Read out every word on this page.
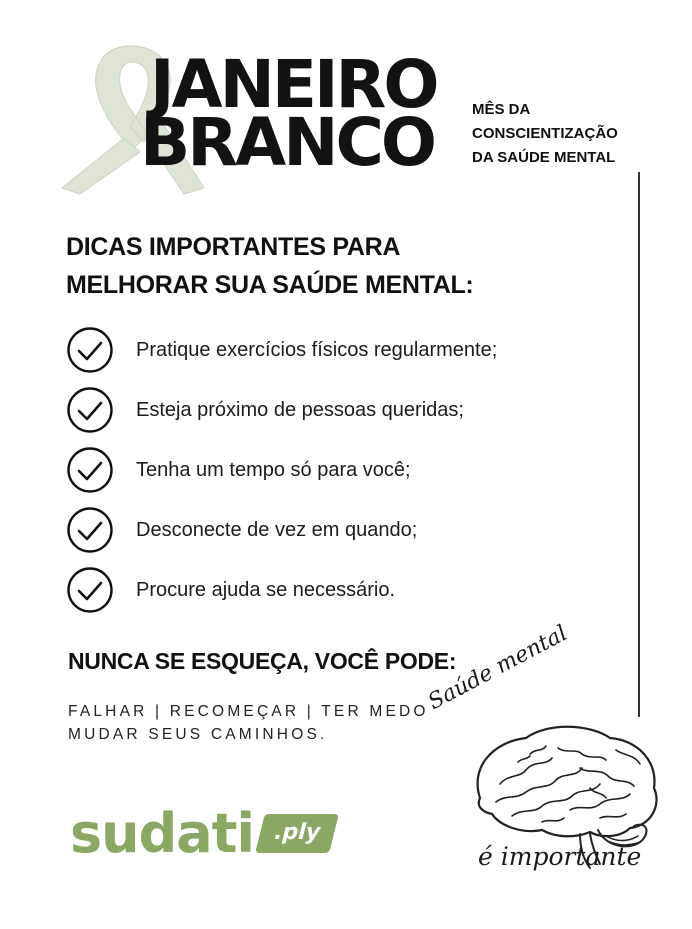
JANEIRO
BRANCO	MÊS DA
CONSCIENTIZAÇÃO
DA SAÚDE MENTAL
DICAS IMPORTANTES PARA
MELHORAR SUA SAÚDE MENTAL:
Pratique exercícios físicos regularmente;
Esteja próximo de pessoas queridas;
Tenha um tempo só para você;
Desconecte de vez em quando;
Procure ajuda se necessário.
NUNCA SE ESQUEÇA, VOCÊ PODE:
FALHAR | RECOMEÇAR | TER MEDO
MUDAR SEUS CAMINHOS.
sudati .ply
Saúde mental
é importante
